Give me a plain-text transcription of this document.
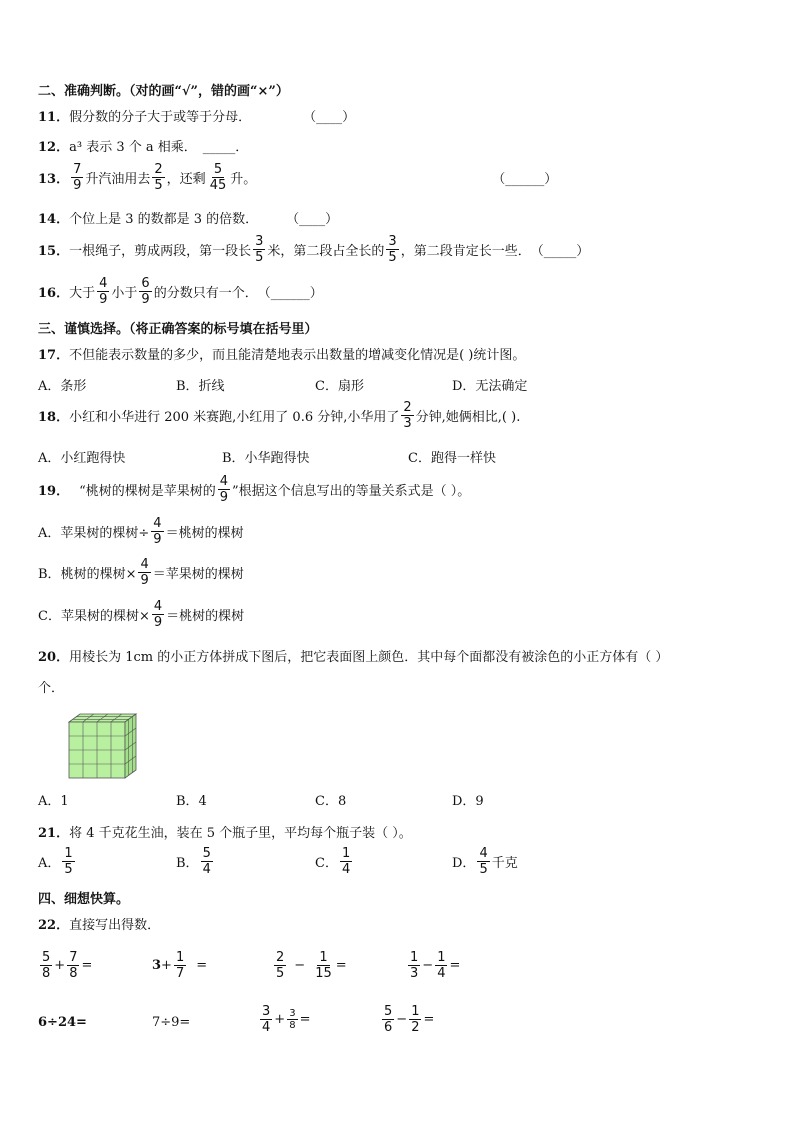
二、准确判断。（对的画“√”，错的画“×”）
11． 假分数的分子大于或等于分母．	（____）
12． a³ 表示 3 个 a 相乘． _____．
13． $\frac{7}{9}$ 升汽油用去 $\frac{2}{5}$ ，还剩 $\frac{5}{45}$ 升。	（______）
14． 个位上是 3 的数都是 3 的倍数． （____）
15． 一根绳子，剪成两段，第一段长 $\frac{3}{5}$ 米，第二段占全长的 $\frac{3}{5}$ ，第二段肯定长一些． （_____）
16． 大于 $\frac{4}{9}$ 小于 $\frac{6}{9}$ 的分数只有一个． （______）
三、谨慎选择。（将正确答案的标号填在括号里）
17． 不但能表示数量的多少，而且能清楚地表示出数量的增减变化情况是( )统计图。
A．条形	B．折线	C．扇形	D．无法确定
18． 小红和小华进行 200 米赛跑,小红用了 0.6 分钟,小华用了 $\frac{2}{3}$ 分钟,她俩相比,( ).
A．小红跑得快	B．小华跑得快	C．跑得一样快
19． “桃树的棵树是苹果树的 $\frac{4}{9}$ ”根据这个信息写出的等量关系式是（ ）。
A． 苹果树的棵树÷ $\frac{4}{9}$ ＝桃树的棵树
B． 桃树的棵树× $\frac{4}{9}$ ＝苹果树的棵树
C． 苹果树的棵树× $\frac{4}{9}$ ＝桃树的棵树
20． 用棱长为 1cm 的小正方体拼成下图后，把它表面图上颜色．其中每个面都没有被涂色的小正方体有（ ）
个．
A．1	B．4	C．8	D．9
21． 将 4 千克花生油，装在 5 个瓶子里，平均每个瓶子装（ ）。
A． $\frac{1}{5}$	B． $\frac{5}{4}$	C． $\frac{1}{4}$	D． $\frac{4}{5}$ 千克
四、细想快算。
22． 直接写出得数．
$\frac{5}{8} + \frac{7}{8}$ =	$3 + \frac{1}{7}$ =	$\frac{2}{5} - \frac{1}{15}$ =	$\frac{1}{3} - \frac{1}{4}$ =
6÷24=	7÷9=	$\frac{3}{4} + \frac{3}{8}$ =	$\frac{5}{6} - \frac{1}{2}$ =
